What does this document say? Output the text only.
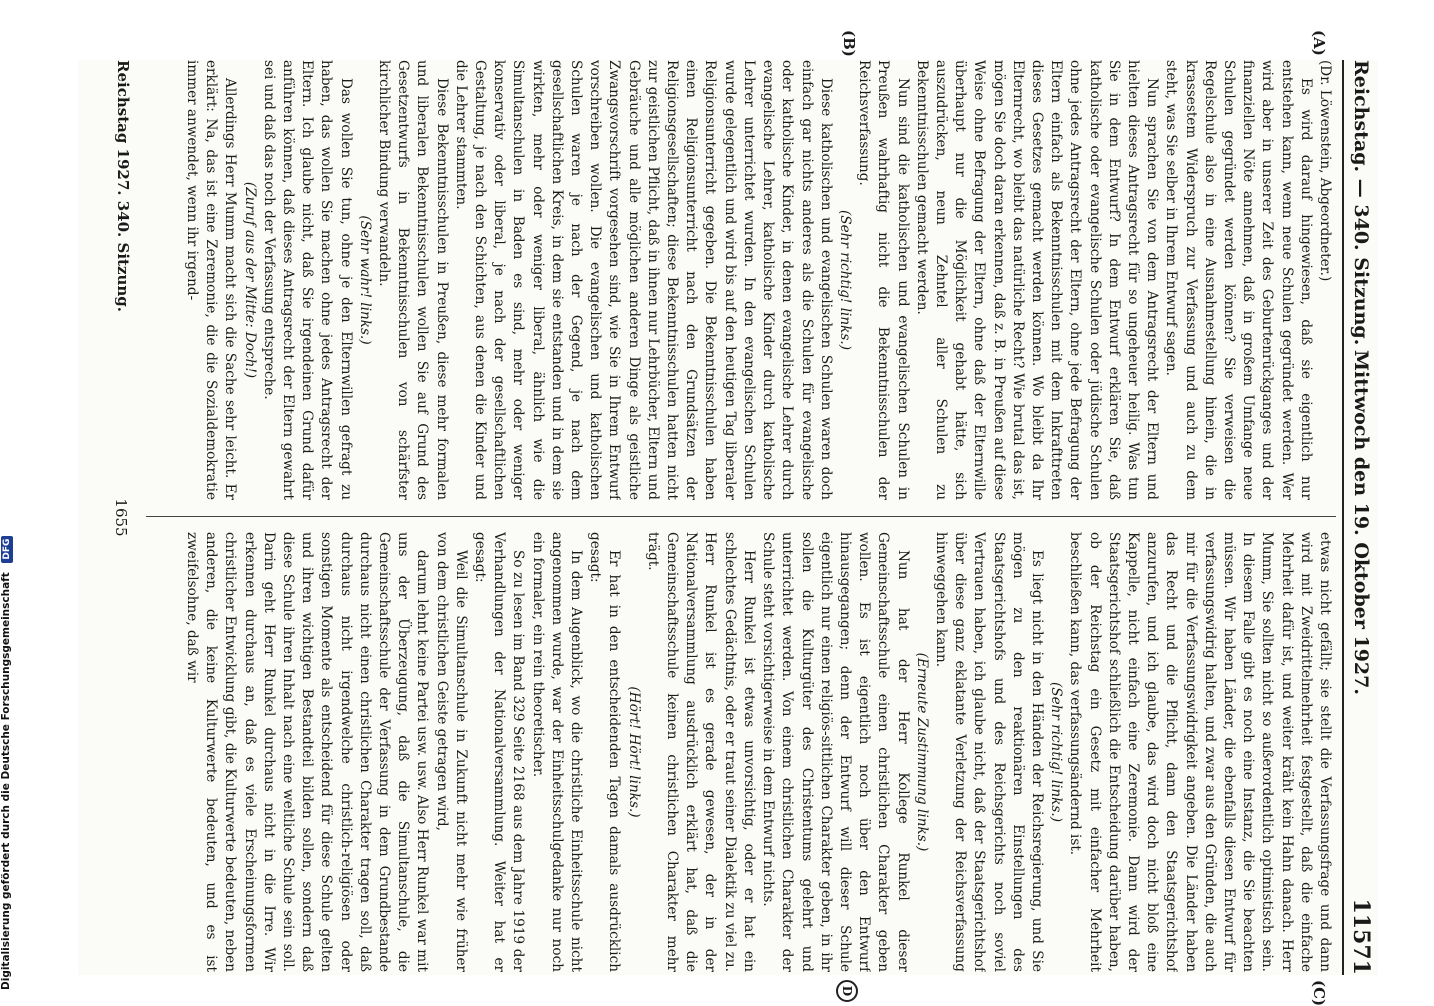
Reichstag. — 340. Sitzung.
Mittwoch den 19. Oktober 1927.
11571
(A)
(B)
(C)
D

(Dr. Löwenstein, Abgeordneter.)

Es wird darauf hingewiesen, daß sie eigentlich nur entstehen kann, wenn neue Schulen gegründet werden. Wer wird aber in unserer Zeit des Geburtenrückganges und der finanziellen Nöte annehmen, daß in großem Umfange neue Schulen gegründet werden können? Sie verweisen die Regelschule also in eine Ausnahmestellung hinein, die in krassestem Widerspruch zur Verfassung und auch zu dem steht, was Sie selber in Ihrem Entwurf sagen.

Nun sprachen Sie von dem Antragsrecht der Eltern und hielten dieses Antragsrecht für so ungeheuer heilig. Was tun Sie in dem Entwurf? In dem Entwurf erklären Sie, daß katholische oder evangelische Schulen oder jüdische Schulen ohne jedes Antragsrecht der Eltern, ohne jede Befragung der Eltern einfach als Bekenntnisschulen mit dem Inkrafttreten dieses Gesetzes gemacht werden können. Wo bleibt da Ihr Elternrecht, wo bleibt das natürliche Recht? Wie brutal das ist, mögen Sie doch daran erkennen, daß z. B. in Preußen auf diese Weise ohne Befragung der Eltern, ohne daß der Elternwille überhaupt nur die Möglichkeit gehabt hätte, sich auszudrücken, neun Zehntel aller Schulen zu Bekenntnisschulen gemacht werden.

Nun sind die katholischen und evangelischen Schulen in Preußen wahrhaftig nicht die Bekenntnisschulen der Reichsverfassung.

(Sehr richtig! links.)

Diese katholischen und evangelischen Schulen waren doch einfach gar nichts anderes als die Schulen für evangelische oder katholische Kinder, in denen evangelische Lehrer durch evangelische Lehrer, katholische Kinder durch katholische Lehrer unterrichtet wurden. In den evangelischen Schulen wurde gelegentlich und wird bis auf den heutigen Tag liberaler Religionsunterricht gegeben. Die Bekenntnisschulen haben einen Religionsunterricht nach den Grundsätzen der Religionsgesellschaften; diese Bekenntnisschulen hatten nicht zur geistlichen Pflicht, daß in ihnen nur Lehrbücher, Eltern und Gebräuche und alle möglichen anderen Dinge als geistliche Zwangsvorschrift vorgesehen sind, wie Sie in Ihrem Entwurf vorschreiben wollen. Die evangelischen und katholischen Schulen waren je nach der Gegend, je nach dem gesellschaftlichen Kreis, in dem sie entstanden und in dem sie wirkten, mehr oder weniger liberal, ähnlich wie die Simultanschulen in Baden es sind, mehr oder weniger konservativ oder liberal, je nach der gesellschaftlichen Gestaltung, je nach den Schichten, aus denen die Kinder und die Lehrer stammten.

Diese Bekenntnisschulen in Preußen, diese mehr formalen und liberalen Bekenntnisschulen wollen Sie auf Grund des Gesetzentwurfs in Bekenntnisschulen von schärfster kirchlicher Bindung verwandeln.

(Sehr wahr! links.)

Das wollen Sie tun, ohne je den Elternwillen gefragt zu haben, das wollen Sie machen ohne jedes Antragsrecht der Eltern. Ich glaube nicht, daß Sie irgendeinen Grund dafür anführen können, daß dieses Antragsrecht der Eltern gewahrt sei und daß das noch der Verfassung entspreche.

(Zuruf aus der Mitte: Doch!)

Allerdings Herr Mumm macht sich die Sache sehr leicht. Er erklärt: Na, das ist eine Zeremonie, die die Sozialdemokratie immer anwendet, wenn ihr irgend-

etwas nicht gefällt; sie stellt die Verfassungsfrage und dann wird mit Zweidrittelmehrheit festgestellt, daß die einfache Mehrheit dafür ist, und weiter kräht kein Hahn danach. Herr Mumm, Sie sollten nicht so außerordentlich optimistisch sein. In diesem Falle gibt es noch eine Instanz, die Sie beachten müssen. Wir haben Länder, die ebenfalls diesen Entwurf für verfassungswidrig halten, und zwar aus den Gründen, die auch mir für die Verfassungswidrigkeit angeben. Die Länder haben das Recht und die Pflicht, dann den Staatsgerichtshof anzurufen, und ich glaube, das wird doch nicht bloß eine Kappelle, nicht einfach eine Zeremonie. Dann wird der Staatsgerichtshof schließlich die Entscheidung darüber haben, ob der Reichstag ein Gesetz mit einfacher Mehrheit beschließen kann, das verfassungsändernd ist.

(Sehr richtig! links.)

Es liegt nicht in den Händen der Reichsregierung, und Sie mögen zu den reaktionären Einstellungen des Staatsgerichtshofs und des Reichsgerichts noch soviel Vertrauen haben, ich glaube nicht, daß der Staatsgerichtshof über diese ganz eklatante Verletzung der Reichsverfassung hinweggehen kann.

(Erneute Zustimmung links.)

Nun hat der Herr Kollege Runkel dieser Gemeinschaftsschule einen christlichen Charakter geben wollen. Es ist eigentlich noch über den Entwurf hinausgegangen; denn der Entwurf will dieser Schule eigentlich nur einen religiös-sittlichen Charakter geben, in ihr sollen die Kulturgüter des Christentums gelehrt und unterrichtet werden. Von einem christlichen Charakter der Schule steht vorsichtigerweise in dem Entwurf nichts.

Herr Runkel ist etwas unvorsichtig, oder er hat ein schlechtes Gedächtnis, oder er traut seiner Dialektik zu viel zu. Herr Runkel ist es gerade gewesen, der in der Nationalversammlung ausdrücklich erklärt hat, daß die Gemeinschaftsschule keinen christlichen Charakter mehr trägt.

(Hört! Hört! links.)

Er hat in den entscheidenden Tagen damals ausdrücklich gesagt:

In dem Augenblick, wo die christliche Einheitsschule nicht angenommen wurde, war der Einheitsschulgedanke nur noch ein formaler, ein rein theoretischer.

So zu lesen im Band 329 Seite 2168 aus dem Jahre 1919 der Verhandlungen der Nationalversammlung. Weiter hat er gesagt:

Weil die Simultanschule in Zukunft nicht mehr wie früher von dem christlichen Geiste getragen wird,

darum lehnt keine Partei usw. usw. Also Herr Runkel war mit uns der Überzeugung, daß die Simultanschule, die Gemeinschaftsschule der Verfassung in dem Grundbestande durchaus nicht einen christlichen Charakter tragen soll, daß durchaus nicht irgendwelche christlich-religiösen oder sonstigen Momente als entscheidend für diese Schule gelten und ihren wichtigen Bestandteil bilden sollen, sondern daß diese Schule ihren Inhalt nach eine weltliche Schule sein soll. Darin geht Herr Runkel durchaus nicht in die Irre. Wir erkennen durchaus an, daß es viele Erscheinungsformen christlicher Entwicklung gibt, die Kulturwerte bedeuten, neben anderen, die keine Kulturwerte bedeuten, und es ist zweifelsohne, daß wir

Reichstag 1927. 340. Sitzung.
1655
Digitalisierung gefördert durch die Deutsche Forschungsgemeinschaft DFG
